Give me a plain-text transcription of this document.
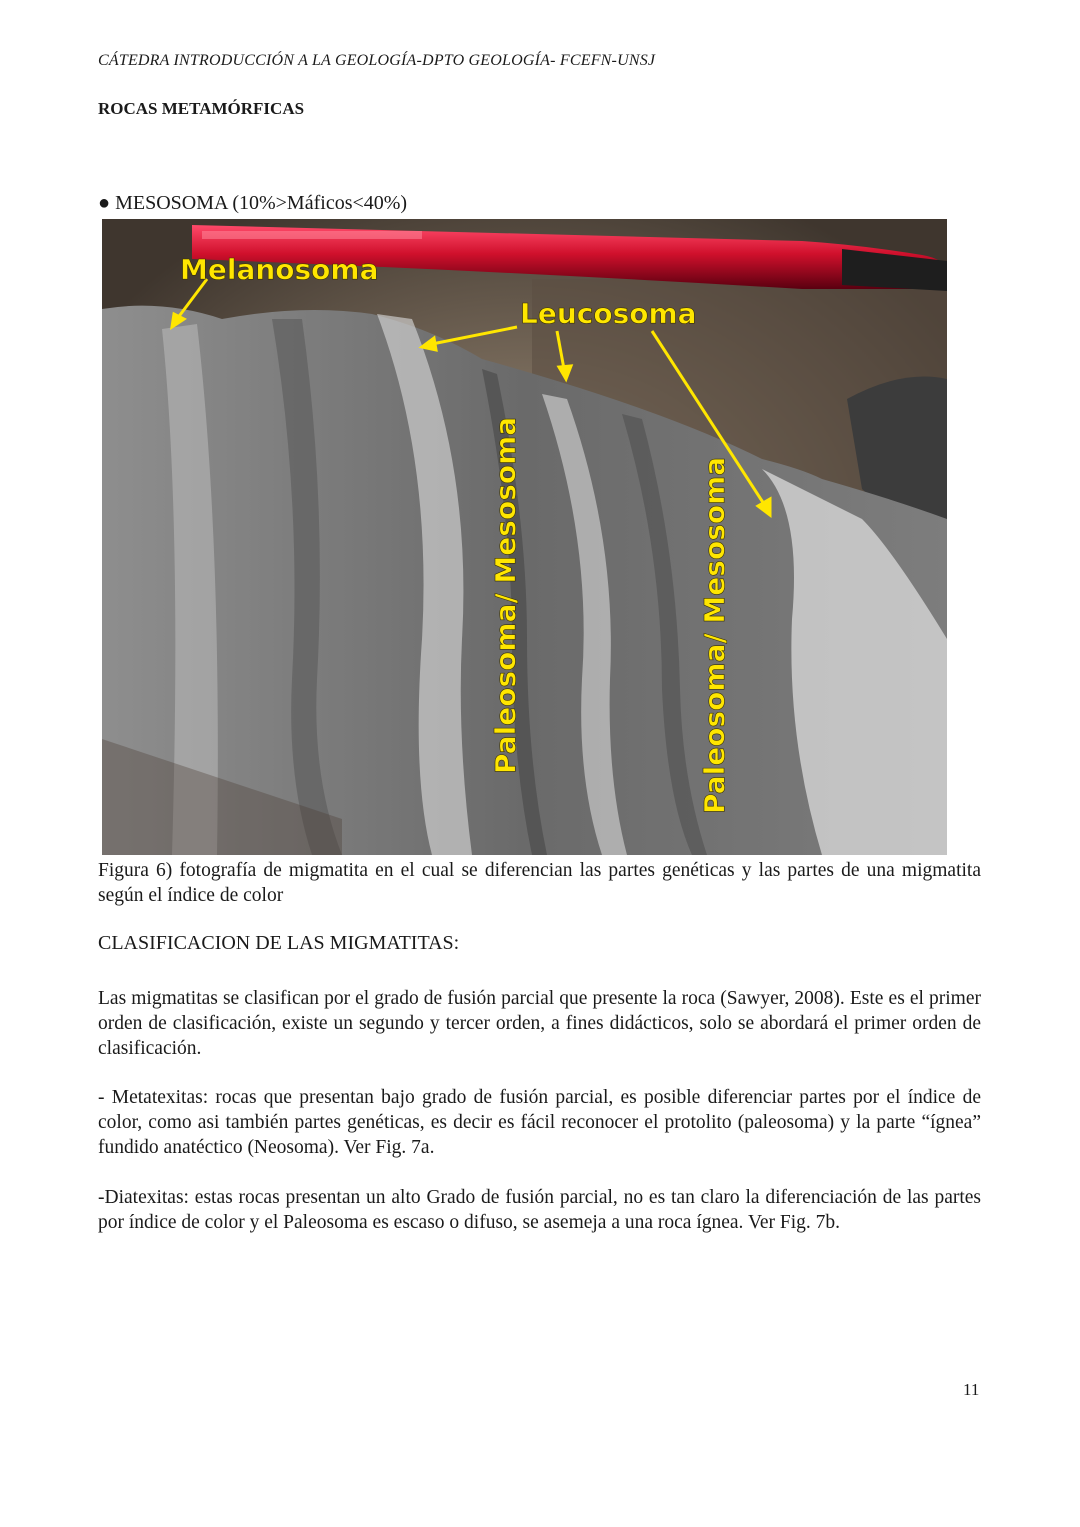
CÁTEDRA INTRODUCCIÓN A LA GEOLOGÍA-DPTO GEOLOGÍA- FCEFN-UNSJ
ROCAS METAMÓRFICAS
● MESOSOMA (10%>Máficos<40%)
Melanosoma
Leucosoma
Paleosoma/ Mesosoma	Paleosoma/ Mesosoma
Figura 6) fotografía de migmatita en el cual se diferencian las partes genéticas y las partes de una migmatita según el índice de color
CLASIFICACION DE LAS MIGMATITAS:

Las migmatitas se clasifican por el grado de fusión parcial que presente la roca (Sawyer, 2008). Este es el primer orden de clasificación, existe un segundo y tercer orden, a fines didácticos, solo se abordará el primer orden de clasificación.

- Metatexitas: rocas que presentan bajo grado de fusión parcial, es posible diferenciar partes por el índice de color, como asi también partes genéticas, es decir es fácil reconocer el protolito (paleosoma) y la parte “ígnea” fundido anatéctico (Neosoma). Ver Fig. 7a.

-Diatexitas: estas rocas presentan un alto Grado de fusión parcial, no es tan claro la diferenciación de las partes por índice de color y el Paleosoma es escaso o difuso, se asemeja a una roca ígnea. Ver Fig. 7b.

11
